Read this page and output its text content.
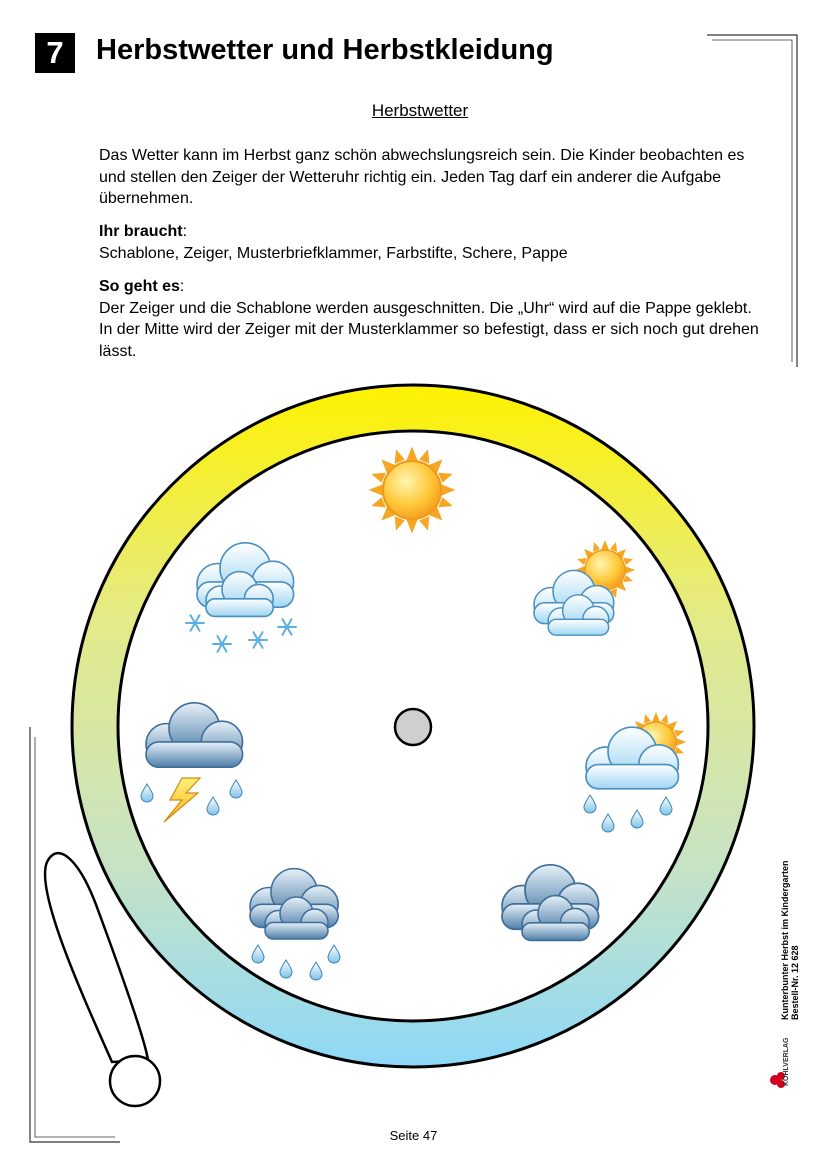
7	Herbstwetter und Herbstkleidung
Herbstwetter
Das Wetter kann im Herbst ganz schön abwechslungsreich sein. Die Kinder beobachten es und stellen den Zeiger der Wetteruhr richtig ein. Jeden Tag darf ein anderer die Aufgabe übernehmen.
Ihr braucht:
Schablone, Zeiger, Musterbriefklammer, Farbstifte, Schere, Pappe
So geht es:
Der Zeiger und die Schablone werden ausgeschnitten. Die „Uhr“ wird auf die Pappe geklebt. In der Mitte wird der Zeiger mit der Musterklammer so befestigt, dass er sich noch gut drehen lässt.
Kunterbunter Herbst im Kindergarten Bestell-Nr. 12 628
KOHLVERLAG
Seite 47
